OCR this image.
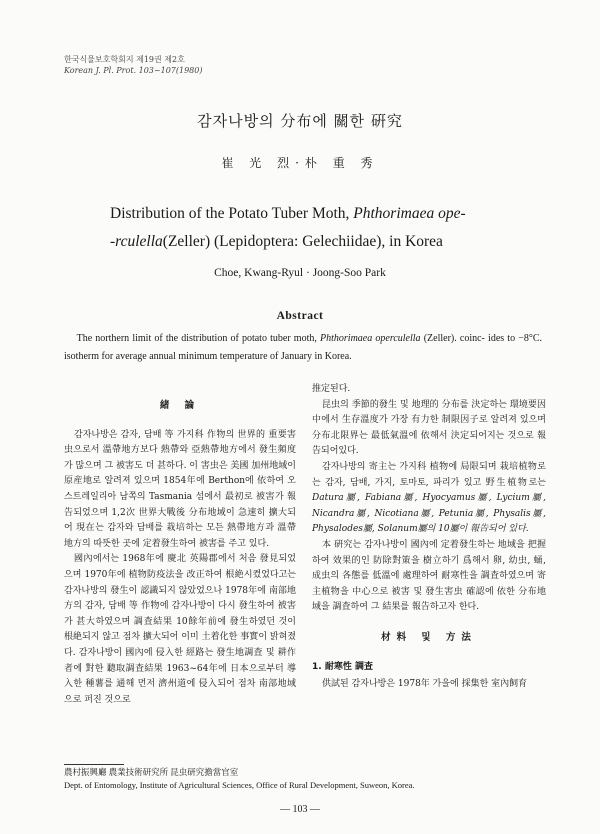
한국식물보호학회지 제19권 제2호
Korean J. Pl. Prot. 103~107(1980)
감자나방의 分布에 關한 硏究
崔 光 烈·朴 重 秀
Distribution of the Potato Tuber Moth, Phthorimaea ope-
-rculella(Zeller) (Lepidoptera: Gelechiidae), in Korea
Choe, Kwang-Ryul · Joong-Soo Park
Abstract
The northern limit of the distribution of potato tuber moth, Phthorimaea operculella (Zeller). coinc- ides to −8°C. isotherm for average annual minimum temperature of January in Korea.
緒 論

감자나방은 감자, 담배 等 가지科 作物의 世界的 重要害虫으로서 溫帶地方보다 熱帶와 亞熱帶地方에서 發生頻度가 많으며 그 被害도 더 甚하다. 이 害虫은 美國 加州地域이 原産地로 알려져 있으며 1854年에 Berthon에 依하여 오스트레일리아 남쪽의 Tasmania 섬에서 最初로 被害가 報告되었으며 1,2次 世界大戰後 分布地域이 急速히 擴大되어 現在는 감자와 담배를 栽培하는 모든 熱帶地方과 溫帶地方의 따뜻한 곳에 定着發生하여 被害를 주고 있다.

國內에서는 1968年에 慶北 英陽郡에서 처음 發見되었으며 1970年에 植物防疫法을 改正하여 根絶시켰었다고는 감자나방의 發生이 認識되지 않았었으나 1978年에 南部地方의 감자, 담배 等 作物에 감자나방이 다시 發生하여 被害가 甚大하였으며 調査結果 10餘年前에 發生하였던 것이 根絶되지 않고 점차 擴大되어 이미 土着化한 事實이 밝혀졌다. 감자나방이 國內에 侵入한 經路는 發生地調査 및 耕作者에 對한 聽取調査結果 1963~64年에 日本으로부터 導入한 種薯를 通해 먼저 濟州道에 侵入되어 점차 南部地域으로 퍼진 것으로

推定된다.

昆虫의 季節的發生 및 地理的 分布를 決定하는 環境要因中에서 生存溫度가 가장 有力한 制限因子로 알려져 있으며 分布北限界는 最低氣溫에 依해서 決定되어지는 것으로 報告되어있다.

감자나방의 寄主는 가지科 植物에 局限되며 栽培植物로는 감자, 담배, 가지, 토마토, 파리가 있고 野生植物로는 Datura屬, Fabiana屬, Hyocyamus屬, Lycium屬, Nicandra屬, Nicotiana屬, Petunia屬, Physalis屬, Physalodes屬, Solanum屬의 10屬이 報告되어 있다.

本 硏究는 감자나방이 國內에 定着發生하는 地域을 把握하여 效果的인 防除對策을 樹立하기 爲해서 卵, 幼虫, 蛹, 成虫의 各態를 低溫에 處理하여 耐寒性을 調査하였으며 寄主植物을 中心으로 被害 및 發生害虫 確認에 依한 分布地域을 調査하여 그 結果를 報告하고자 한다.

材料 및 方法
1. 耐寒性 調査

供試된 감자나방은 1978年 가을에 採集한 室內飼育

農村振興廳 農業技術研究所 昆虫研究擔當官室
Dept. of Entomology, Institute of Agricultural Sciences, Office of Rural Development, Suweon, Korea.
— 103 —
